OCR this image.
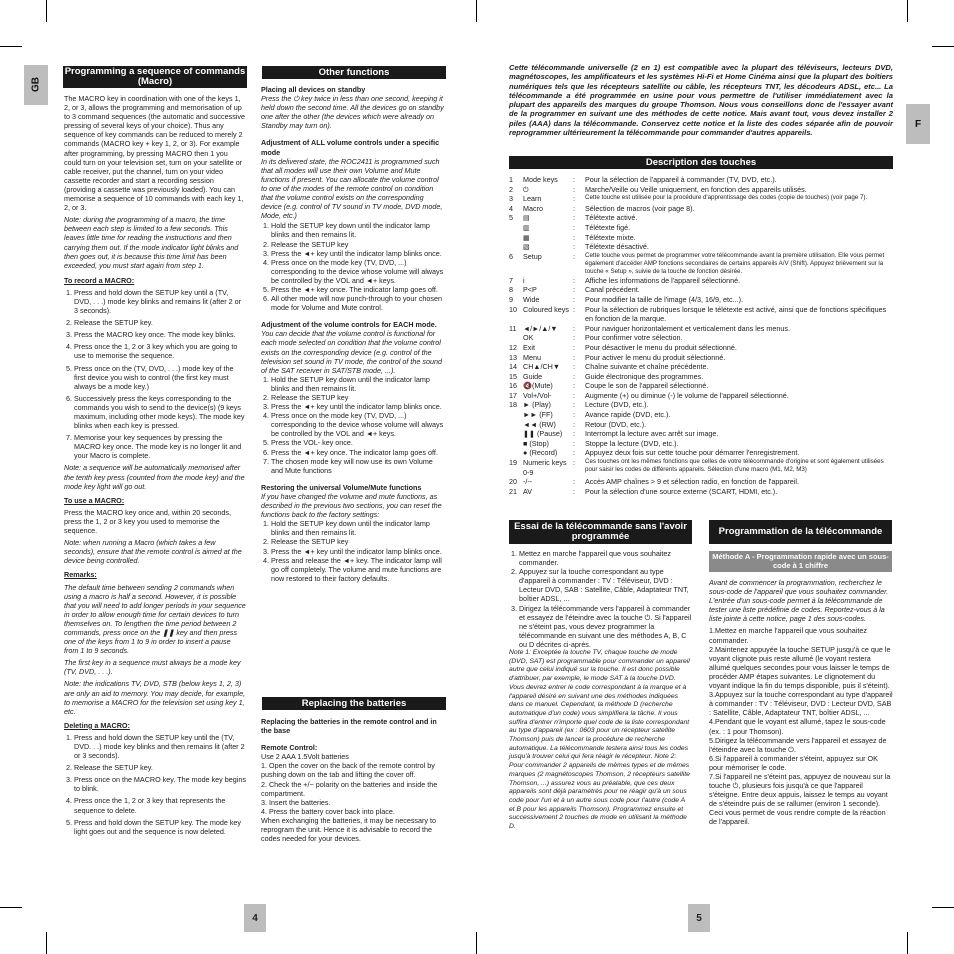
GB
F
Programming a sequence of commands (Macro)

The MACRO key in coordination with one of the keys 1, 2, or 3, allows the programming and memorisation of up to 3 command sequences (the automatic and successive pressing of several keys of your choice). Thus any sequence of key commands can be reduced to merely 2 commands (MACRO key + key 1, 2, or 3). For example after programming, by pressing MACRO then 1 you could turn on your television set, turn on your satellite or cable receiver, put the channel, turn on your video cassette recorder and start a recording session (providing a cassette was previously loaded). You can memorise a sequence of 10 commands with each key 1, 2, or 3.

Note: during the programming of a macro, the time between each step is limited to a few seconds. This leaves little time for reading the instructions and then carrying them out. If the mode indicator light blinks and then goes out, it is because this time limit has been exceeded, you must start again from step 1.

To record a MACRO:

1. Press and hold down the SETUP key until a (TV, DVD, . . .) mode key blinks and remains lit (after 2 or 3 seconds).
2. Release the SETUP key.
3. Press the MACRO key once. The mode key blinks.
4. Press once the 1, 2 or 3 key which you are going to use to memorise the sequence.
5. Press once on the (TV, DVD, . . .) mode key of the first device you wish to control (the first key must always be a mode key.)
6. Successively press the keys corresponding to the commands you wish to send to the device(s) (9 keys maximum, including other mode keys). The mode key blinks when each key is pressed.
7. Memorise your key sequences by pressing the MACRO key once. The mode key is no longer lit and your Macro is complete.

Note: a sequence will be automatically memorised after the tenth key press (counted from the mode key) and the mode key light will go out.

To use a MACRO:

Press the MACRO key once and, within 20 seconds, press the 1, 2 or 3 key you used to memorise the sequence.

Note: when running a Macro (which takes a few seconds), ensure that the remote control is aimed at the device being controlled.

Remarks:

The default time between sending 2 commands when using a macro is half a second. However, it is possible that you will need to add longer periods in your sequence in order to allow enough time for certain devices to turn themselves on. To lengthen the time period between 2 commands, press once on the ❚❚ key and then press one of the keys from 1 to 9 in order to insert a pause from 1 to 9 seconds.

The first key in a sequence must always be a mode key (TV, DVD, . . .).

Note: the indications TV, DVD, STB (below keys 1, 2, 3) are only an aid to memory. You may decide, for example, to memorise a MACRO for the television set using key 1, etc.

Deleting a MACRO:

1. Press and hold down the SETUP key until the (TV, DVD. . .) mode key blinks and then remains lit (after 2 or 3 seconds).
2. Release the SETUP key.
3. Press once on the MACRO key. The mode key begins to blink.
4. Press once the 1, 2 or 3 key that represents the sequence to delete.
5. Press and hold down the SETUP key. The mode key light goes out and the sequence is now deleted.
Other functions

Placing all devices on standby

Press the ⏻ key twice in less than one second, keeping it held down the second time. All the devices go on standby one after the other (the devices which were already on Standby may turn on).

Adjustment of ALL volume controls under a specific mode

In its delivered state, the ROC2411 is programmed such that all modes will use their own Volume and Mute functions if present. You can allocate the volume control to one of the modes of the remote control on condition that the volume control exists on the corresponding device (e.g. control of TV sound in TV mode, DVD mode, Mode, etc.)

1. Hold the SETUP key down until the indicator lamp blinks and then remains lit.
2. Release the SETUP key
3. Press the ◄+ key until the indicator lamp blinks once.
4. Press once on the mode key (TV, DVD, ...) corresponding to the device whose volume will always be controlled by the VOL and ◄+ keys.
5. Press the ◄+ key once. The indicator lamp goes off.
6. All other mode will now punch-through to your chosen mode for Volume and Mute control.

Adjustment of the volume controls for EACH mode.

You can decide that the volume control is functional for each mode selected on condition that the volume control exists on the corresponding device (e.g. control of the television set sound in TV mode, the control of the sound of the SAT receiver in SAT/STB mode, ...).

1. Hold the SETUP key down until the indicator lamp blinks and then remains lit.
2. Release the SETUP key
3. Press the ◄+ key until the indicator lamp blinks once.
4. Press once on the mode key (TV, DVD, ...) corresponding to the device whose volume will always be controlled by the VOL and ◄+ keys.
5. Press the VOL- key once.
6. Press the ◄+ key once. The indicator lamp goes off.
7. The chosen mode key will now use its own Volume and Mute functions

Restoring the universal Volume/Mute functions

If you have changed the volume and mute functions, as described in the previous two sections, you can reset the functions back to the factory settings:

1. Hold the SETUP key down until the indicator lamp blinks and then remains lit.
2. Release the SETUP key
3. Press the ◄+ key until the indicator lamp blinks once.
4. Press and release the ◄+ key. The indicator lamp will go off completely. The volume and mute functions are now restored to their factory defaults.
Replacing the batteries

Replacing the batteries in the remote control and in the base

Remote Control:

Use 2 AAA 1.5Volt batteries

1. Open the cover on the back of the remote control by pushing down on the tab and lifting the cover off.

2. Check the +/− polarity on the batteries and inside the compartment.

3. Insert the batteries.

4. Press the battery cover back into place.

When exchanging the batteries, it may be necessary to reprogram the unit. Hence it is advisable to record the codes needed for your devices.

Cette télécommande universelle (2 en 1) est compatible avec la plupart des téléviseurs, lecteurs DVD, magnétoscopes, les amplificateurs et les systèmes Hi-Fi et Home Cinéma ainsi que la plupart des boîtiers numériques tels que les récepteurs satellite ou câble, les récepteurs TNT, les décodeurs ADSL, etc... La télécommande a été programmée en usine pour vous permettre de l'utiliser immédiatement avec la plupart des appareils des marques du groupe Thomson. Nous vous conseillons donc de l'essayer avant de la programmer en suivant une des méthodes de cette notice. Mais avant tout, vous devez installer 2 piles (AAA) dans la télécommande. Conservez cette notice et la liste des codes séparée afin de pouvoir reprogrammer ultérieurement la télécommande pour commander d'autres appareils.
Description des touches
1	Mode keys	:	Pour la sélection de l'appareil à commander (TV, DVD, etc.).
2	⏻	:	Marche/Veille ou Veille uniquement, en fonction des appareils utilisés.
3	Learn	:	Cette touche est utilisée pour la procédure d'apprentissage des codes (copie de touches) (voir page 7).
4	Macro	:	Sélection de macros (voir page 8).
5	▤	:	Télétexte activé.
▥	:	Télétexte figé.
▦	:	Télétexte mixte.
▧	:	Télétexte désactivé.
6	Setup	:	Cette touche vous permet de programmer votre télécommande avant la première utilisation. Elle vous permet également d'accéder AMP fonctions secondaires de certains appareils A/V (Shift). Appuyez brièvement sur la touche « Setup », suivie de la touche de fonction désirée.
7	i	:	Affiche les informations de l'appareil sélectionné.
8	P<P	:	Canal précédent.
9	Wide	:	Pour modifier la taille de l'image (4/3, 16/9, etc...).
10 Coloured keys :	Pour la sélection de rubriques lorsque le télétexte est activé, ainsi que de fonctions spécifiques en fonction de la marque.
11 ◄/►/▲/▼	:	Pour naviguer horizontalement et verticalement dans les menus.
OK	:	Pour confirmer votre sélection.
12 Exit	:	Pour désactiver le menu du produit sélectionné.
13 Menu	:	Pour activer le menu du produit sélectionné.
14 CH▲/CH▼	:	Chaîne suivante et chaîne précédente.
15 Guide	:	Guide électronique des programmes.
16 🔇(Mute)	:	Coupe le son de l'appareil sélectionné.
17 Vol+/Vol-	:	Augmente (+) ou diminue (-) le volume de l'appareil sélectionné.
18 ► (Play)	:	Lecture (DVD, etc.).
►► (FF)	:	Avance rapide (DVD, etc.).
◄◄ (RW)	:	Retour (DVD, etc.).
❚❚ (Pause)	:	Interrompt la lecture avec arrêt sur image.
■ (Stop)	:	Stoppe la lecture (DVD, etc.).
● (Record)	:	Appuyez deux fois sur cette touche pour démarrer l'enregistrement.
19 Numeric keys 0-9
:	Ces touches ont les mêmes fonctions que celles de votre télécommande d'origine et sont également utilisées pour saisir les codes de différents appareils. Sélection d'une macro (M1, M2, M3)
20 -/--	:	Accès AMP chaînes > 9 et sélection radio, en fonction de l'appareil.
21 AV	:	Pour la sélection d'une source externe (SCART, HDMI, etc.).
Essai de la télécommande sans l'avoir programmée
1. Mettez en marche l'appareil que vous souhaitez commander.
2. Appuyez sur la touche correspondant au type d'appareil à commander : TV : Téléviseur, DVD : Lecteur DVD, SAB : Satellite, Câble, Adaptateur TNT, boîtier ADSL, ...
3. Dirigez la télécommande vers l'appareil à commander et essayez de l'éteindre avec la touche ⏻. Si l'appareil ne s'éteint pas, vous devez programmer la télécommande en suivant une des méthodes A, B, C ou D décrites ci-après.

Note 1: Exceptée la touche TV, chaque touche de mode (DVD, SAT) est programmable pour commander un appareil autre que celui indiqué sur la touche. Il est donc possible d'attribuer, par exemple, le mode SAT à la touche DVD. Vous devrez entrer le code correspondant à la marque et à l'appareil désiré en suivant une des méthodes indiquées dans ce manuel. Cependant, la méthode D (recherche automatique d'un code) vous simplifiera la tâche. Il vous suffira d'entrer n'importe quel code de la liste correspondant au type d'appareil (ex : 0603 pour un récepteur satellite Thomson) puis de lancer la procédure de recherche automatique. La télécommande testera ainsi tous les codes jusqu'à trouver celui qui fera réagir le récepteur. Note 2: Pour commander 2 appareils de mêmes types et de mêmes marques (2 magnétoscopes Thomson, 2 récepteurs satellite Thomson, ...) assurez vous au préalable, que ces deux appareils sont déjà paramétrés pour ne réagir qu'à un sous code pour l'un et à un autre sous code pour l'autre (code A et B pour les appareils Thomson). Programmez ensuite et successivement 2 touches de mode en utilisant la méthode D.

Programmation de la télécommande
Méthode A - Programmation rapide avec un sous-code à 1 chiffre

Avant de commencer la programmation, recherchez le sous-code de l'appareil que vous souhaitez commander. L'entrée d'un sous-code permet à la télécommande de tester une liste prédéfinie de codes. Reportez-vous à la liste jointe à cette notice, page 1 des sous-codes.

1.Mettez en marche l'appareil que vous souhaitez commander.

2.Maintenez appuyée la touche SETUP jusqu'à ce que le voyant clignote puis reste allumé (le voyant restera allumé quelques secondes pour vous laisser le temps de procéder AMP étapes suivantes. Le clignotement du voyant indique la fin du temps disponible, puis il s'éteint).

3.Appuyez sur la touche correspondant au type d'appareil à commander : TV : Téléviseur, DVD : Lecteur DVD, SAB : Satellite, Câble, Adaptateur TNT, boîtier ADSL, ...

4.Pendant que le voyant est allumé, tapez le sous-code (ex. : 1 pour Thomson).

5.Dirigez la télécommande vers l'appareil et essayez de l'éteindre avec la touche ⏻.

6.Si l'appareil à commander s'éteint, appuyez sur OK pour mémoriser le code.

7.Si l'appareil ne s'éteint pas, appuyez de nouveau sur la touche ⏻, plusieurs fois jusqu'à ce que l'appareil s'éteigne. Entre deux appuis, laissez le temps au voyant de s'éteindre puis de se rallumer (environ 1 seconde). Ceci vous permet de vous rendre compte de la réaction de l'appareil.

4	5
